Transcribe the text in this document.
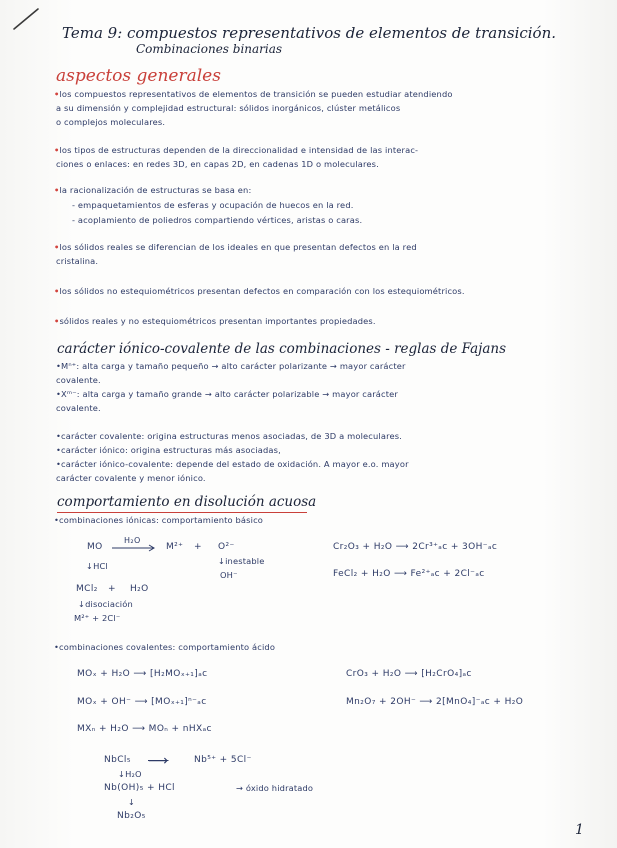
Tema 9: compuestos representativos de elementos de transición.
Combinaciones binarias
aspectos generales
•los compuestos representativos de elementos de transición se pueden estudiar atendiendo
a su dimensión y complejidad estructural: sólidos inorgánicos, clúster metálicos
o complejos moleculares.
•los tipos de estructuras dependen de la direccionalidad e intensidad de las interac-
ciones o enlaces: en redes 3D, en capas 2D, en cadenas 1D o moleculares.
•la racionalización de estructuras se basa en:
- empaquetamientos de esferas y ocupación de huecos en la red.
- acoplamiento de poliedros compartiendo vértices, aristas o caras.
•los sólidos reales se diferencian de los ideales en que presentan defectos en la red
cristalina.
•los sólidos no estequiométricos presentan defectos en comparación con los estequiométricos.
•sólidos reales y no estequiométricos presentan importantes propiedades.
carácter iónico-covalente de las combinaciones - reglas de Fajans
•Mⁿ⁺: alta carga y tamaño pequeño → alto carácter polarizante → mayor carácter
covalente.
•Xᵐ⁻: alta carga y tamaño grande → alto carácter polarizable → mayor carácter
covalente.
•carácter covalente: origina estructuras menos asociadas, de 3D a moleculares.
•carácter iónico: origina estructuras más asociadas,
•carácter iónico-covalente: depende del estado de oxidación. A mayor e.o. mayor
carácter covalente y menor iónico.
comportamiento en disolución acuosa
•combinaciones iónicas: comportamiento básico
MO
H₂O
M²⁺ + O²⁻
↓inestable
OH⁻
↓HCl
MCl₂ + H₂O
↓disociación
M²⁺ + 2Cl⁻
Cr₂O₃ + H₂O ⟶ 2Cr³⁺ₐc + 3OH⁻ₐc
FeCl₂ + H₂O ⟶ Fe²⁺ₐc + 2Cl⁻ₐc
•combinaciones covalentes: comportamiento ácido
MOₓ + H₂O ⟶ [H₂MOₓ₊₁]ₐc
MOₓ + OH⁻ ⟶ [MOₓ₊₁]ⁿ⁻ₐc
MXₙ + H₂O ⟶ MOₙ + nHXₐc
CrO₃ + H₂O ⟶ [H₂CrO₄]ₐc
Mn₂O₇ + 2OH⁻ ⟶ 2[MnO₄]⁻ₐc + H₂O
NbCl₅ ⟶	Nb⁵⁺ + 5Cl⁻
↓H₂O
Nb(OH)₅ + HCl	→ óxido hidratado
↓
Nb₂O₅
1
